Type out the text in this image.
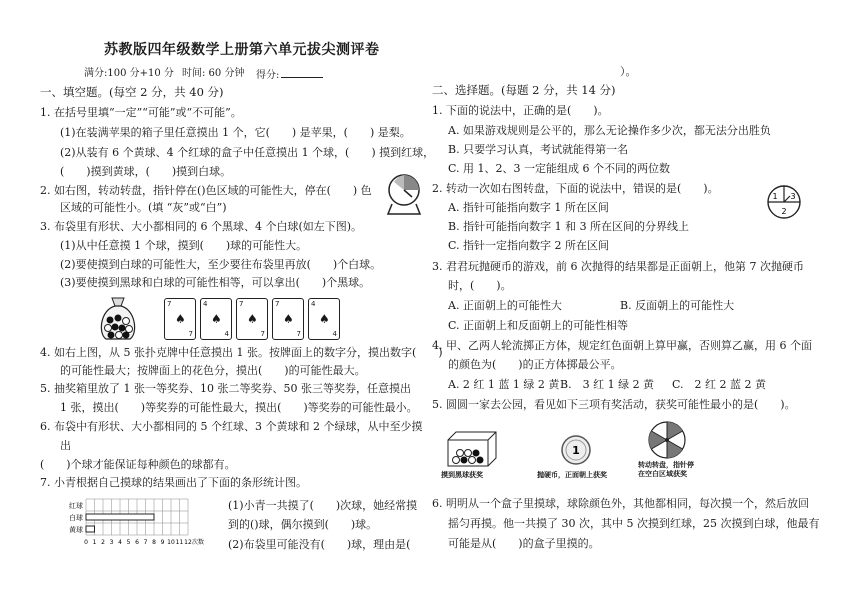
苏教版四年级数学上册第六单元拔尖测评卷
满分:100 分+10 分 时间: 60 分钟 得分:	）。
一、填空题。(每空 2 分，共 40 分)
1. 在括号里填“一定”“可能”或“不可能”。
(1)在装满苹果的箱子里任意摸出 1 个，它(　　) 是苹果，(　　) 是梨。
(2)从装有 6 个黄球、4 个红球的盒子中任意摸出 1 个球，(　　) 摸到红球，
(　　)摸到黄球，(　　)摸到白球。
2. 如右图，转动转盘，指针停在()色区域的可能性大，停在(　　) 色
区域的可能性小。(填 “灰”或“白”)
3. 布袋里有形状、大小都相同的 6 个黑球、4 个白球(如左下图)。
(1)从中任意摸 1 个球，摸到(　　)球的可能性大。
(2)要使摸到白球的可能性大，至少要往布袋里再放(　　)个白球。
(3)要使摸到黑球和白球的可能性相等，可以拿出(　　)个黑球。
4. 如右上图，从 5 张扑克牌中任意摸出 1 张。按牌面上的数字分，摸出数字(　　)
的可能性最大；按牌面上的花色分，摸出(　　)的可能性最大。
5. 抽奖箱里放了 1 张一等奖券、10 张二等奖券、50 张三等奖券，任意摸出
1 张，摸出(　　)等奖券的可能性最大，摸出(　　)等奖券的可能性最小。
6. 布袋中有形状、大小都相同的 5 个红球、3 个黄球和 2 个绿球，从中至少摸
出
(　　)个球才能保证每种颜色的球都有。
7. 小青根据自己摸球的结果画出了下面的条形统计图。
(1)小青一共摸了(　　)次球，她经常摸
到的()球，偶尔摸到(　　)球。
(2)布袋里可能没有(　　)球，理由是(
7
♠
7
4
♠
4
7
♠
7
7
♠
7
4
♠
4
红球
白球
黄球
0 1 2 3 4 5 6 7 8 9 10 11 12 次数
二、选择题。(每题 2 分，共 14 分)
1. 下面的说法中，正确的是(　　)。
A. 如果游戏规则是公平的，那么无论操作多少次，都无法分出胜负
B. 只要学习认真，考试就能得第一名
C. 用 1、2、3 一定能组成 6 个不同的两位数
2. 转动一次如右图转盘，下面的说法中，错误的是(　　)。
A. 指针可能指向数字 1 所在区间
B. 指针可能指向数字 1 和 3 所在区间的分界线上
C. 指针一定指向数字 2 所在区间
3. 君君玩抛硬币的游戏，前 6 次抛得的结果都是正面朝上，他第 7 次抛硬币
时，(　　)。
A. 正面朝上的可能性大	B. 反面朝上的可能性大
C. 正面朝上和反面朝上的可能性相等
4. 甲、乙两人轮流掷正方体，规定红色面朝上算甲赢，否则算乙赢，用 6 个面
的颜色为(　　)的正方体掷最公平。
A. 2 红 1 蓝 1 绿 2 黄 B.　3 红 1 绿 2 黄 C.　2 红 2 蓝 2 黄
5. 圆圆一家去公园，看见如下三项有奖活动，获奖可能性最小的是(　　)。
6. 明明从一个盒子里摸球，球除颜色外，其他都相同，每次摸一个，然后放回
摇匀再摸。他一共摸了 30 次，其中 5 次摸到红球，25 次摸到白球，他最有
可能是从(　　)的盒子里摸的。
1 3
2
摸到黑球获奖
1
抛硬币，正面朝上获奖
转动转盘，指针停
在空白区域获奖
